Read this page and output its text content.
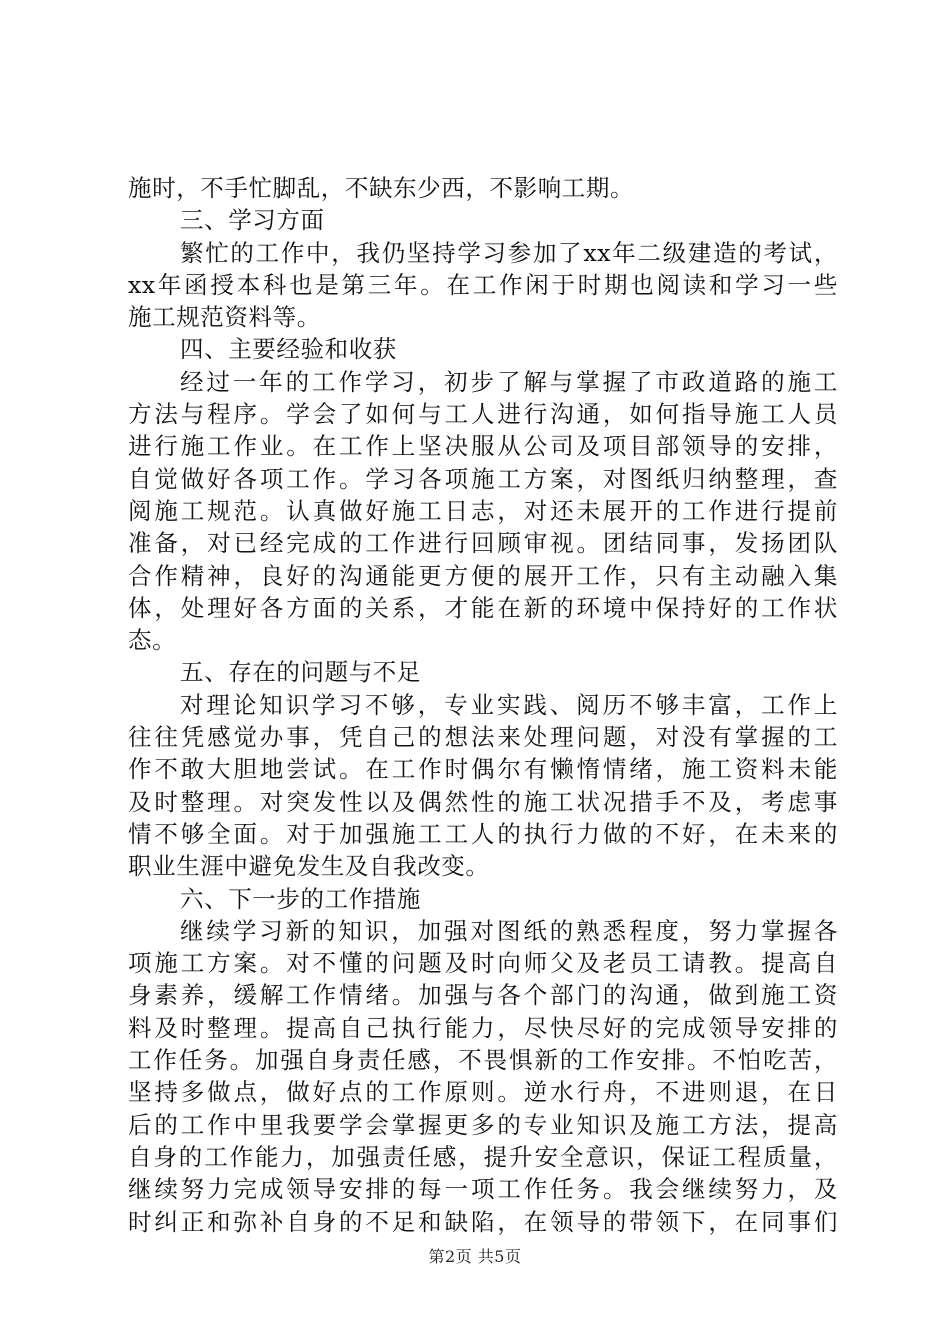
施时，不手忙脚乱，不缺东少西，不影响工期。
三、学习方面
繁忙的工作中，我仍坚持学习参加了xx年二级建造的考试，
xx年函授本科也是第三年。在工作闲于时期也阅读和学习一些
施工规范资料等。
四、主要经验和收获
经过一年的工作学习，初步了解与掌握了市政道路的施工
方法与程序。学会了如何与工人进行沟通，如何指导施工人员
进行施工作业。在工作上坚决服从公司及项目部领导的安排，
自觉做好各项工作。学习各项施工方案，对图纸归纳整理，查
阅施工规范。认真做好施工日志，对还未展开的工作进行提前
准备，对已经完成的工作进行回顾审视。团结同事，发扬团队
合作精神，良好的沟通能更方便的展开工作，只有主动融入集
体，处理好各方面的关系，才能在新的环境中保持好的工作状
态。
五、存在的问题与不足
对理论知识学习不够，专业实践、阅历不够丰富，工作上
往往凭感觉办事，凭自己的想法来处理问题，对没有掌握的工
作不敢大胆地尝试。在工作时偶尔有懒惰情绪，施工资料未能
及时整理。对突发性以及偶然性的施工状况措手不及，考虑事
情不够全面。对于加强施工工人的执行力做的不好，在未来的
职业生涯中避免发生及自我改变。
六、下一步的工作措施
继续学习新的知识，加强对图纸的熟悉程度，努力掌握各
项施工方案。对不懂的问题及时向师父及老员工请教。提高自
身素养，缓解工作情绪。加强与各个部门的沟通，做到施工资
料及时整理。提高自己执行能力，尽快尽好的完成领导安排的
工作任务。加强自身责任感，不畏惧新的工作安排。不怕吃苦，
坚持多做点，做好点的工作原则。逆水行舟，不进则退，在日
后的工作中里我要学会掌握更多的专业知识及施工方法，提高
自身的工作能力，加强责任感，提升安全意识，保证工程质量，
继续努力完成领导安排的每一项工作任务。我会继续努力，及
时纠正和弥补自身的不足和缺陷，在领导的带领下，在同事们
第2页 共5页
